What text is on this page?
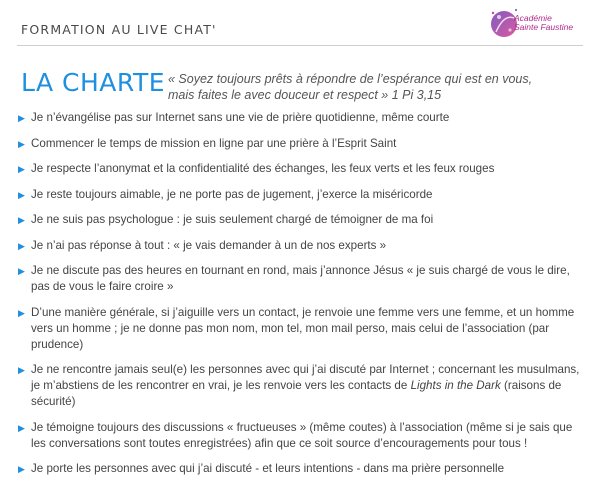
FORMATION AU LIVE CHAT'
Académie
Sainte Faustine
LA CHARTE « Soyez toujours prêts à répondre de l’espérance qui est en vous,
mais faites le avec douceur et respect » 1 Pi 3,15
▶ Je n’évangélise pas sur Internet sans une vie de prière quotidienne, même courte
▶ Commencer le temps de mission en ligne par une prière à l’Esprit Saint
▶ Je respecte l’anonymat et la confidentialité des échanges, les feux verts et les feux rouges
▶ Je reste toujours aimable, je ne porte pas de jugement, j’exerce la miséricorde
▶ Je ne suis pas psychologue : je suis seulement chargé de témoigner de ma foi
▶ Je n’ai pas réponse à tout : « je vais demander à un de nos experts »
▶ Je ne discute pas des heures en tournant en rond, mais j’annonce Jésus « je suis chargé de vous le dire, pas de vous le faire croire »
▶ D’une manière générale, si j’aiguille vers un contact, je renvoie une femme vers une femme, et un homme vers un homme ; je ne donne pas mon nom, mon tel, mon mail perso, mais celui de l’association (par prudence)
▶ Je ne rencontre jamais seul(e) les personnes avec qui j’ai discuté par Internet ; concernant les musulmans, je m’abstiens de les rencontrer en vrai, je les renvoie vers les contacts de Lights in the Dark (raisons de sécurité)
▶ Je témoigne toujours des discussions « fructueuses » (même coutes) à l’association (même si je sais que les conversations sont toutes enregistrées) afin que ce soit source d’encouragements pour tous !
▶ Je porte les personnes avec qui j’ai discuté - et leurs intentions - dans ma prière personnelle
